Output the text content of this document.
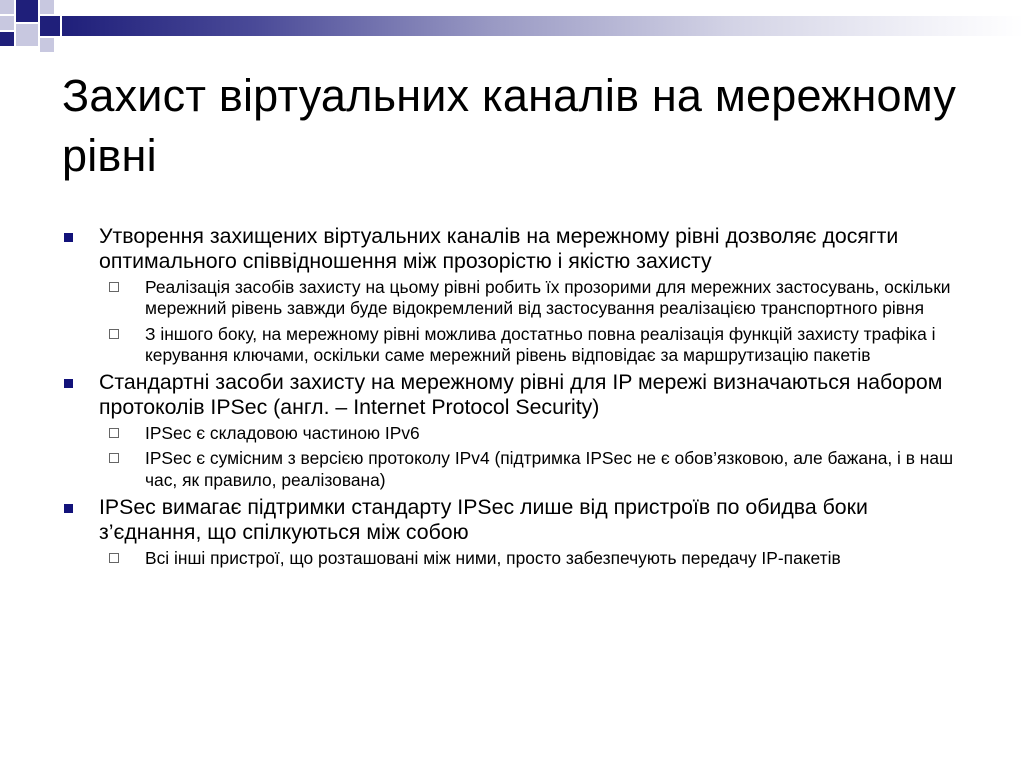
Захист віртуальних каналів на мережному рівні
Утворення захищених віртуальних каналів на мережному рівні дозволяє досягти оптимального співвідношення між прозорістю і якістю захисту
Реалізація засобів захисту на цьому рівні робить їх прозорими для мережних застосувань, оскільки мережний рівень завжди буде відокремлений від застосування реалізацією транспортного рівня
З іншого боку, на мережному рівні можлива достатньо повна реалізація функцій захисту трафіка і керування ключами, оскільки саме мережний рівень відповідає за маршрутизацію пакетів
Стандартні засоби захисту на мережному рівні для IP мережі визначаються набором протоколів IPSec (англ. – Internet Protocol Security)
IPSec є складовою частиною IPv6
IPSec є сумісним з версією протоколу IPv4 (підтримка IPSec не є обов’язковою, але бажана, і в наш час, як правило, реалізована)
IPSec вимагає підтримки стандарту IPSec лише від пристроїв по обидва боки з’єднання, що спілкуються між собою
Всі інші пристрої, що розташовані між ними, просто забезпечують передачу IP-пакетів
